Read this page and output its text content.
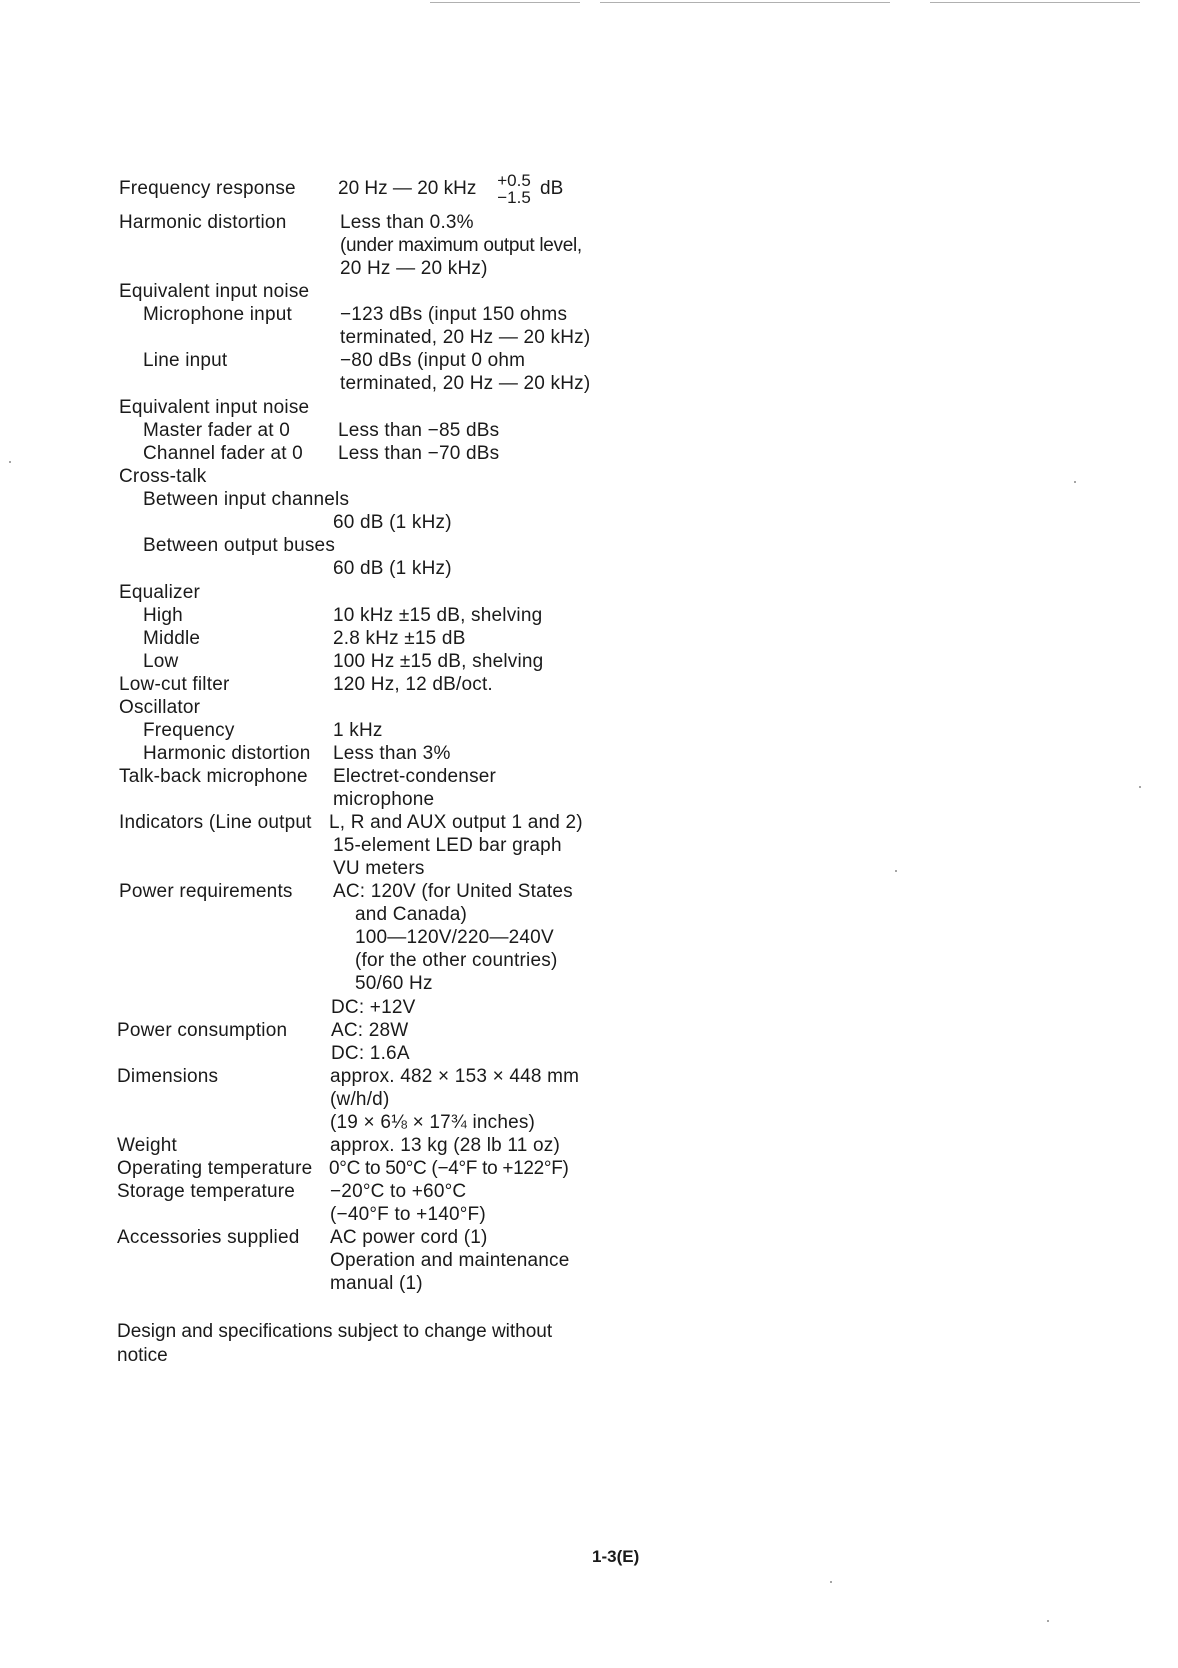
Frequency response 20 Hz — 20 kHz	+0.5
−1.5 dB
Harmonic distortion	Less than 0.3%
(under maximum output level,
20 Hz — 20 kHz)
Equivalent input noise
Microphone input	−123 dBs (input 150 ohms
terminated, 20 Hz — 20 kHz)
Line input	−80 dBs (input 0 ohm
terminated, 20 Hz — 20 kHz)
Equivalent input noise
Master fader at 0	Less than −85 dBs
Channel fader at 0 Less than −70 dBs
Cross-talk
Between input channels
60 dB (1 kHz)
Between output buses
60 dB (1 kHz)
Equalizer
High	10 kHz ±15 dB, shelving
Middle	2.8 kHz ±15 dB
Low	100 Hz ±15 dB, shelving
Low-cut filter	120 Hz, 12 dB/oct.
Oscillator
Frequency	1 kHz
Harmonic distortion Less than 3%
Talk-back microphone Electret-condenser
microphone
Indicators (Line output L, R and AUX output 1 and 2)
15-element LED bar graph
VU meters
Power requirements AC: 120V (for United States
and Canada)
100—120V/220—240V
(for the other countries)
50/60 Hz
DC: +12V
Power consumption AC: 28W
DC: 1.6A
Dimensions	approx. 482 × 153 × 448 mm
(w/h/d)
(19 × 6⅛ × 17¾ inches)
Weight	approx. 13 kg (28 lb 11 oz)
Operating temperature 0°C to 50°C (−4°F to +122°F)
Storage temperature −20°C to +60°C
(−40°F to +140°F)
Accessories supplied AC power cord (1)
Operation and maintenance
manual (1)
Design and specifications subject to change without
notice
1-3(E)
